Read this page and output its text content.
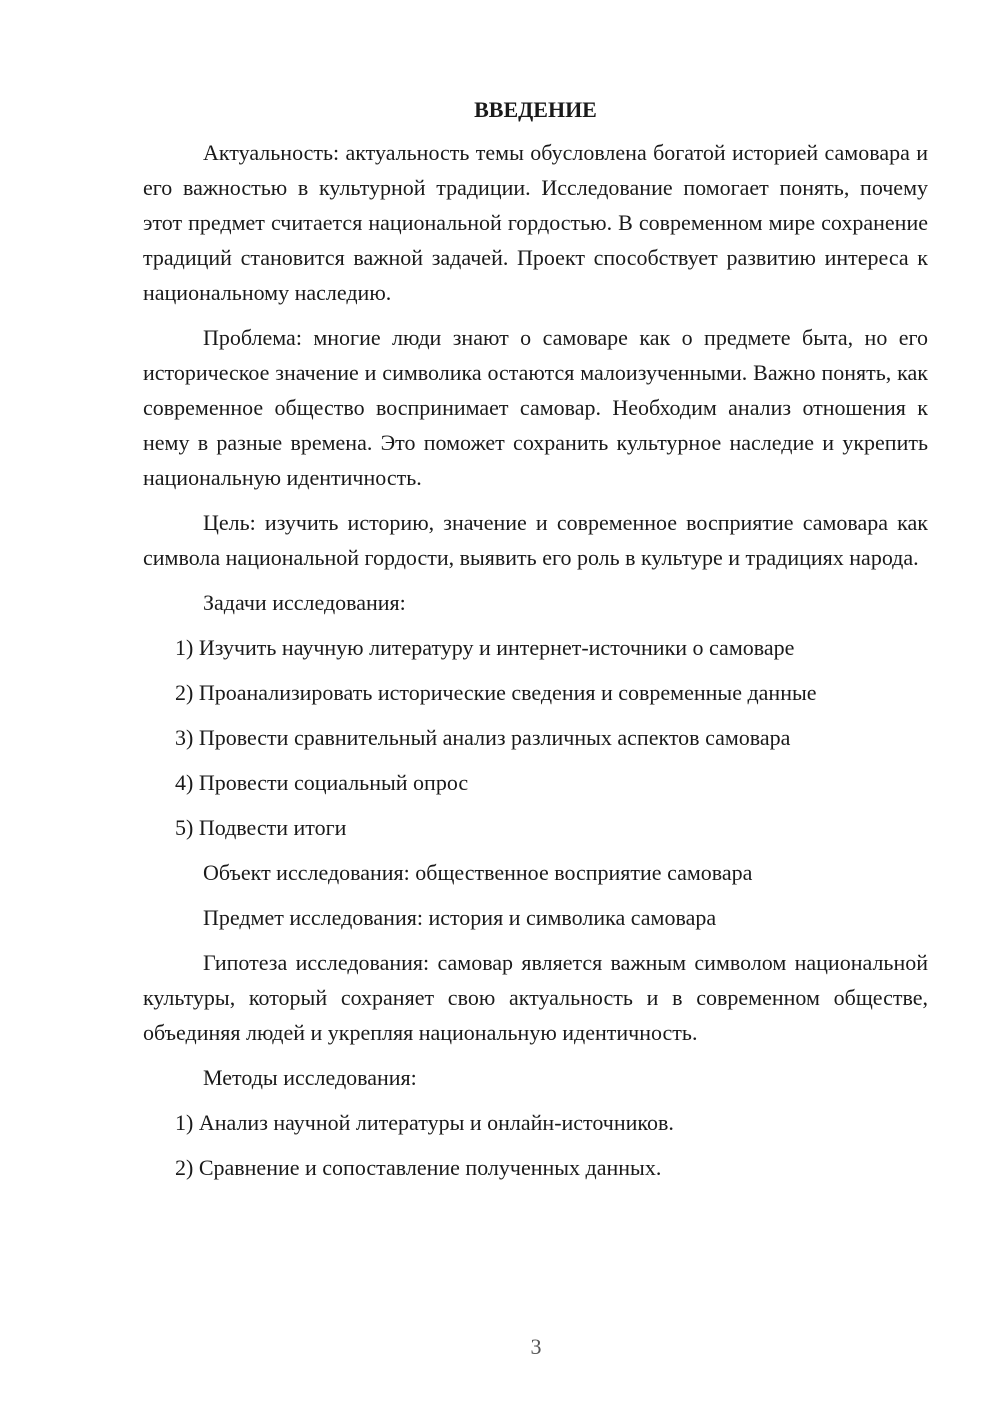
ВВЕДЕНИЕ

Актуальность: актуальность темы обусловлена богатой историей самовара и его важностью в культурной традиции. Исследование помогает понять, почему этот предмет считается национальной гордостью. В современном мире сохранение традиций становится важной задачей. Проект способствует развитию интереса к национальному наследию.

Проблема: многие люди знают о самоваре как о предмете быта, но его историческое значение и символика остаются малоизученными. Важно понять, как современное общество воспринимает самовар. Необходим анализ отношения к нему в разные времена. Это поможет сохранить культурное наследие и укрепить национальную идентичность.

Цель: изучить историю, значение и современное восприятие самовара как символа национальной гордости, выявить его роль в культуре и традициях народа.

Задачи исследования:

1) Изучить научную литературу и интернет-источники о самоваре

2) Проанализировать исторические сведения и современные данные

3) Провести сравнительный анализ различных аспектов самовара

4) Провести социальный опрос

5) Подвести итоги

Объект исследования: общественное восприятие самовара

Предмет исследования: история и символика самовара

Гипотеза исследования: самовар является важным символом национальной культуры, который сохраняет свою актуальность и в современном обществе, объединяя людей и укрепляя национальную идентичность.

Методы исследования:

1) Анализ научной литературы и онлайн-источников.

2) Сравнение и сопоставление полученных данных.

3
